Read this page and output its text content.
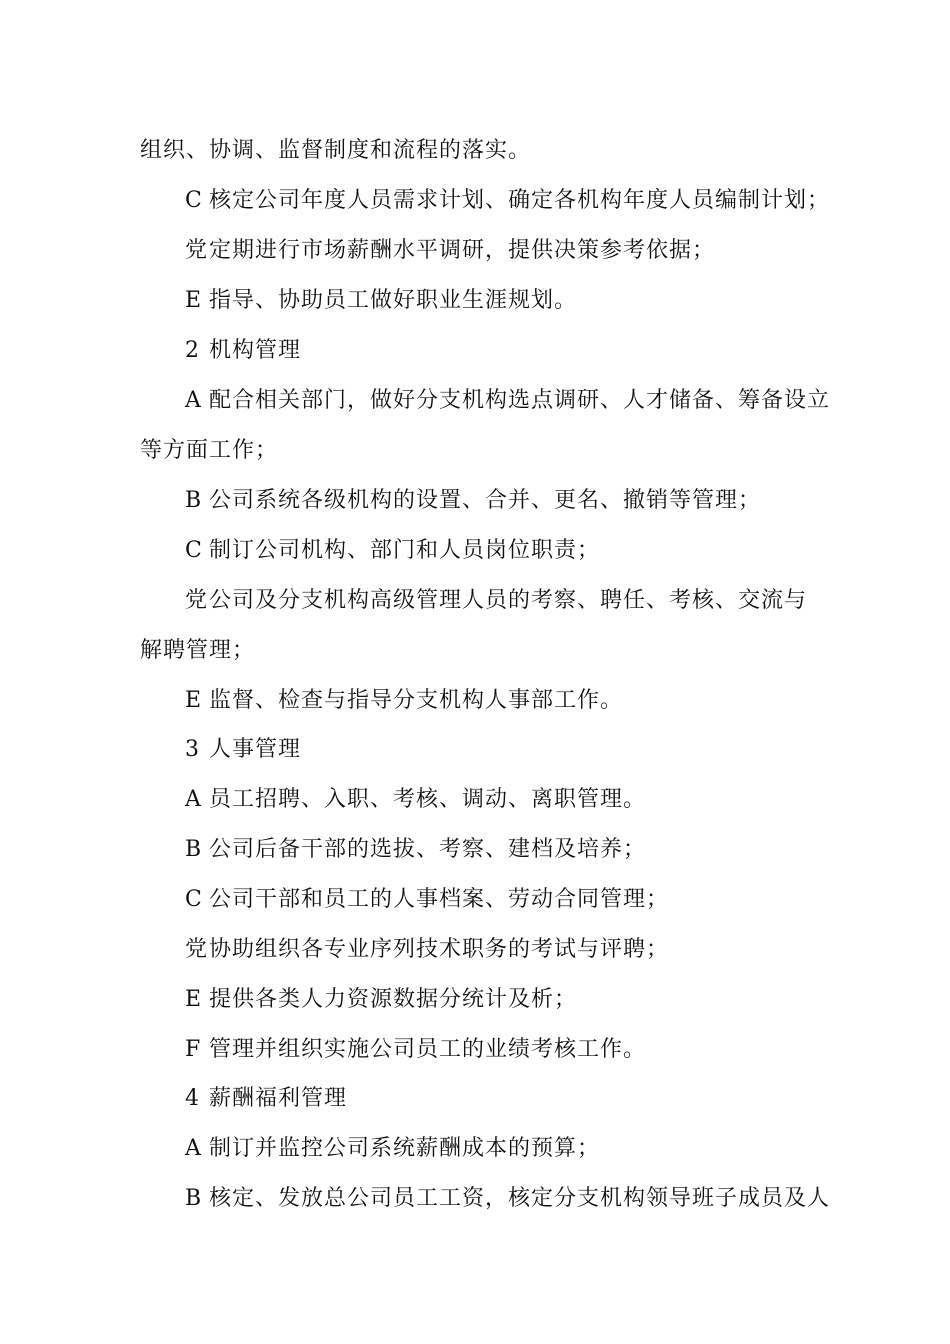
组织、协调、监督制度和流程的落实。
C 核定公司年度人员需求计划、确定各机构年度人员编制计划；
党定期进行市场薪酬水平调研，提供决策参考依据；
E 指导、协助员工做好职业生涯规划。
2 机构管理
A 配合相关部门，做好分支机构选点调研、人才储备、筹备设立
等方面工作；
B 公司系统各级机构的设置、合并、更名、撤销等管理；
C 制订公司机构、部门和人员岗位职责；
党公司及分支机构高级管理人员的考察、聘任、考核、交流与
解聘管理；
E 监督、检查与指导分支机构人事部工作。
3 人事管理
A 员工招聘、入职、考核、调动、离职管理。
B 公司后备干部的选拔、考察、建档及培养；
C 公司干部和员工的人事档案、劳动合同管理；
党协助组织各专业序列技术职务的考试与评聘；
E 提供各类人力资源数据分统计及析；
F 管理并组织实施公司员工的业绩考核工作。
4 薪酬福利管理
A 制订并监控公司系统薪酬成本的预算；
B 核定、发放总公司员工工资，核定分支机构领导班子成员及人
